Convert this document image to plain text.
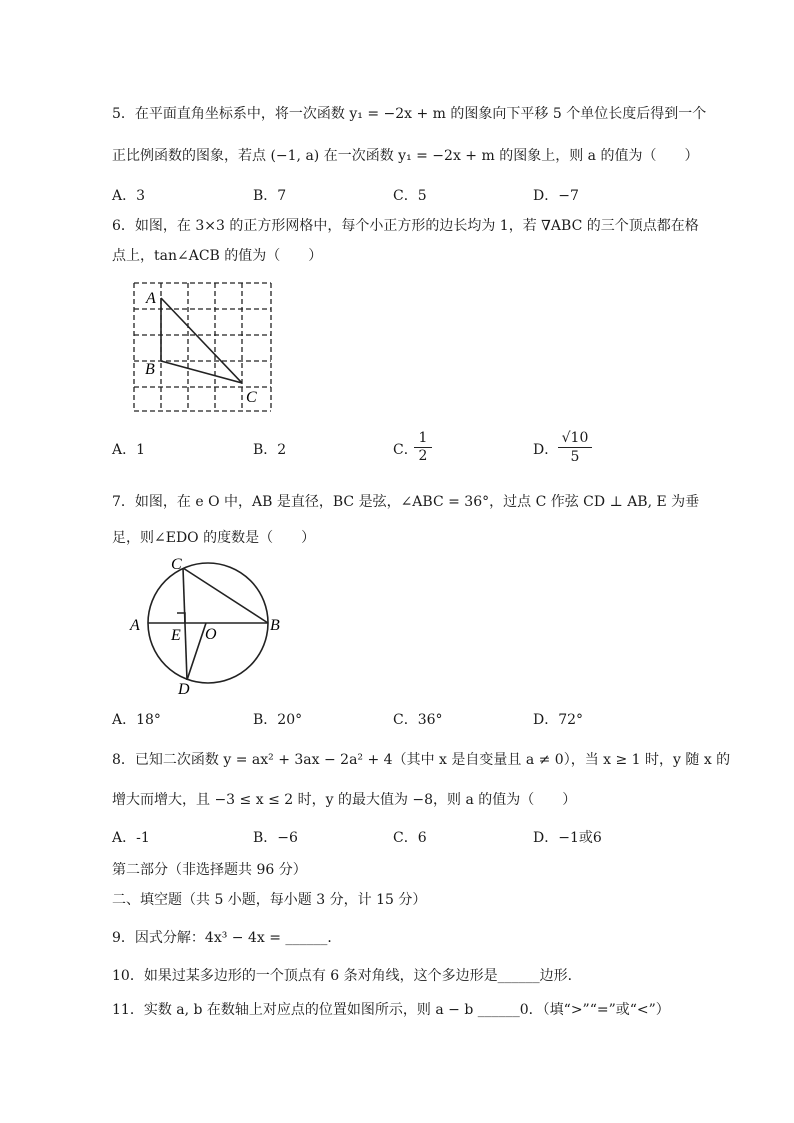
5．在平面直角坐标系中，将一次函数 y₁ = −2x + m 的图象向下平移 5 个单位长度后得到一个
正比例函数的图象，若点 (−1, a) 在一次函数 y₁ = −2x + m 的图象上，则 a 的值为（　　）
A．3	B．7	C．5	D．−7
6．如图，在 3×3 的正方形网格中，每个小正方形的边长均为 1，若 ∇ABC 的三个顶点都在格
点上，tan∠ACB 的值为（　　）
A
B
C
A．1	B．2	C．
$\frac{1}{2}$	D． $\frac{√10}{5}$
7．如图，在 e O 中，AB 是直径，BC 是弦，∠ABC = 36°，过点 C 作弦 CD ⊥ AB, E 为垂
足，则∠EDO 的度数是（　　）
C
A	B
E O
D
A．18°	B．20°	C．36°	D．72°
8．已知二次函数 y = ax² + 3ax − 2a² + 4（其中 x 是自变量且 a ≠ 0），当 x ≥ 1 时，y 随 x 的
增大而增大，且 −3 ≤ x ≤ 2 时，y 的最大值为 −8，则 a 的值为（　　）
A．-1	B．−6	C．6	D．−1或6
第二部分（非选择题共 96 分）
二、填空题（共 5 小题，每小题 3 分，计 15 分）
9．因式分解：4x³ − 4x = ______．
10．如果过某多边形的一个顶点有 6 条对角线，这个多边形是______边形．
11．实数 a, b 在数轴上对应点的位置如图所示，则 a − b ______0．（填“>”“=”或“<”）
